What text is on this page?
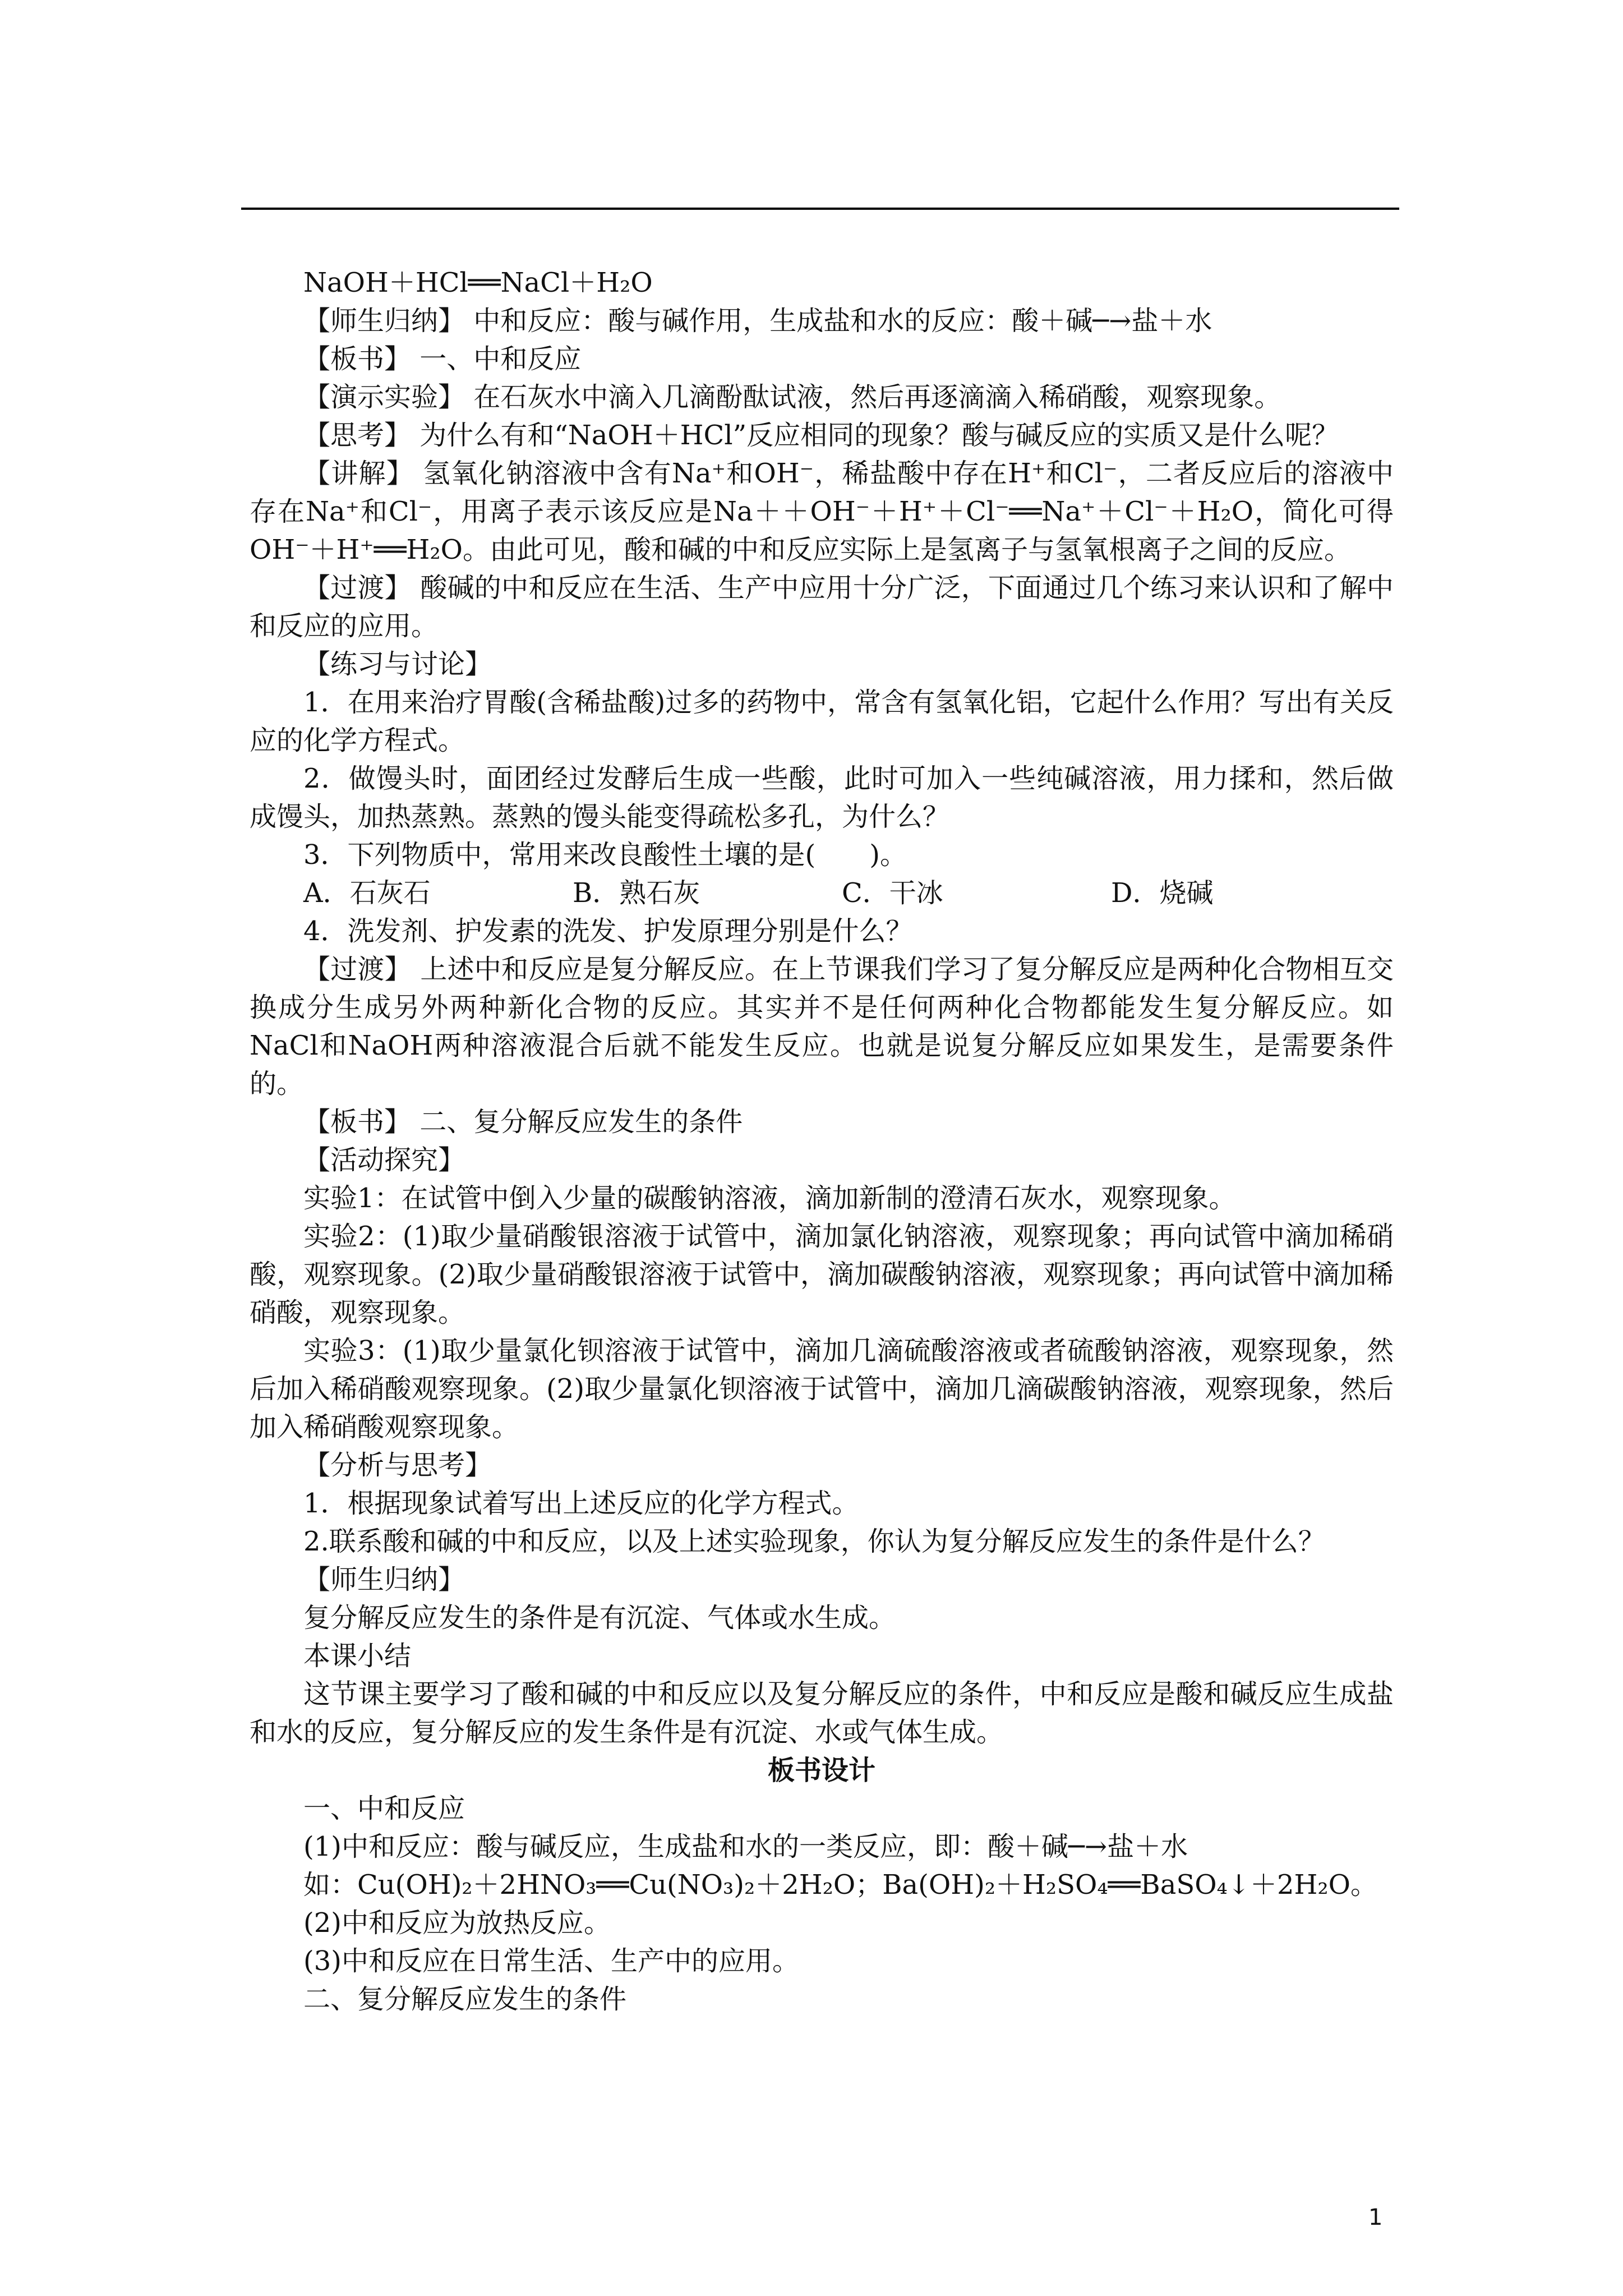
NaOH＋HCl══NaCl＋H₂O

【师生归纳】 中和反应：酸与碱作用，生成盐和水的反应：酸＋碱─→盐＋水

【板书】 一、中和反应

【演示实验】 在石灰水中滴入几滴酚酞试液，然后再逐滴滴入稀硝酸，观察现象。

【思考】 为什么有和“NaOH＋HCl”反应相同的现象？酸与碱反应的实质又是什么呢？

【讲解】 氢氧化钠溶液中含有Na⁺和OH⁻，稀盐酸中存在H⁺和Cl⁻，二者反应后的溶液中存在Na⁺和Cl⁻，用离子表示该反应是Na＋＋OH⁻＋H⁺＋Cl⁻══Na⁺＋Cl⁻＋H₂O，简化可得OH⁻＋H⁺══H₂O。由此可见，酸和碱的中和反应实际上是氢离子与氢氧根离子之间的反应。

【过渡】 酸碱的中和反应在生活、生产中应用十分广泛，下面通过几个练习来认识和了解中和反应的应用。

【练习与讨论】

1．在用来治疗胃酸(含稀盐酸)过多的药物中，常含有氢氧化铝，它起什么作用？写出有关反应的化学方程式。

2．做馒头时，面团经过发酵后生成一些酸，此时可加入一些纯碱溶液，用力揉和，然后做成馒头，加热蒸熟。蒸熟的馒头能变得疏松多孔，为什么？

3．下列物质中，常用来改良酸性土壤的是(　　)。

A．石灰石	B．熟石灰	C．干冰	D．烧碱

4．洗发剂、护发素的洗发、护发原理分别是什么？

【过渡】 上述中和反应是复分解反应。在上节课我们学习了复分解反应是两种化合物相互交换成分生成另外两种新化合物的反应。其实并不是任何两种化合物都能发生复分解反应。如NaCl和NaOH两种溶液混合后就不能发生反应。也就是说复分解反应如果发生，是需要条件的。

【板书】 二、复分解反应发生的条件

【活动探究】

实验1：在试管中倒入少量的碳酸钠溶液，滴加新制的澄清石灰水，观察现象。

实验2：(1)取少量硝酸银溶液于试管中，滴加氯化钠溶液，观察现象；再向试管中滴加稀硝酸，观察现象。(2)取少量硝酸银溶液于试管中，滴加碳酸钠溶液，观察现象；再向试管中滴加稀硝酸，观察现象。

实验3：(1)取少量氯化钡溶液于试管中，滴加几滴硫酸溶液或者硫酸钠溶液，观察现象，然后加入稀硝酸观察现象。(2)取少量氯化钡溶液于试管中，滴加几滴碳酸钠溶液，观察现象，然后加入稀硝酸观察现象。

【分析与思考】

1．根据现象试着写出上述反应的化学方程式。

2.联系酸和碱的中和反应，以及上述实验现象，你认为复分解反应发生的条件是什么？

【师生归纳】

复分解反应发生的条件是有沉淀、气体或水生成。

本课小结

这节课主要学习了酸和碱的中和反应以及复分解反应的条件，中和反应是酸和碱反应生成盐和水的反应，复分解反应的发生条件是有沉淀、水或气体生成。

板书设计

一、中和反应

(1)中和反应：酸与碱反应，生成盐和水的一类反应，即：酸＋碱─→盐＋水

如：Cu(OH)₂＋2HNO₃══Cu(NO₃)₂＋2H₂O；Ba(OH)₂＋H₂SO₄══BaSO₄↓＋2H₂O。

(2)中和反应为放热反应。

(3)中和反应在日常生活、生产中的应用。

二、复分解反应发生的条件

1
